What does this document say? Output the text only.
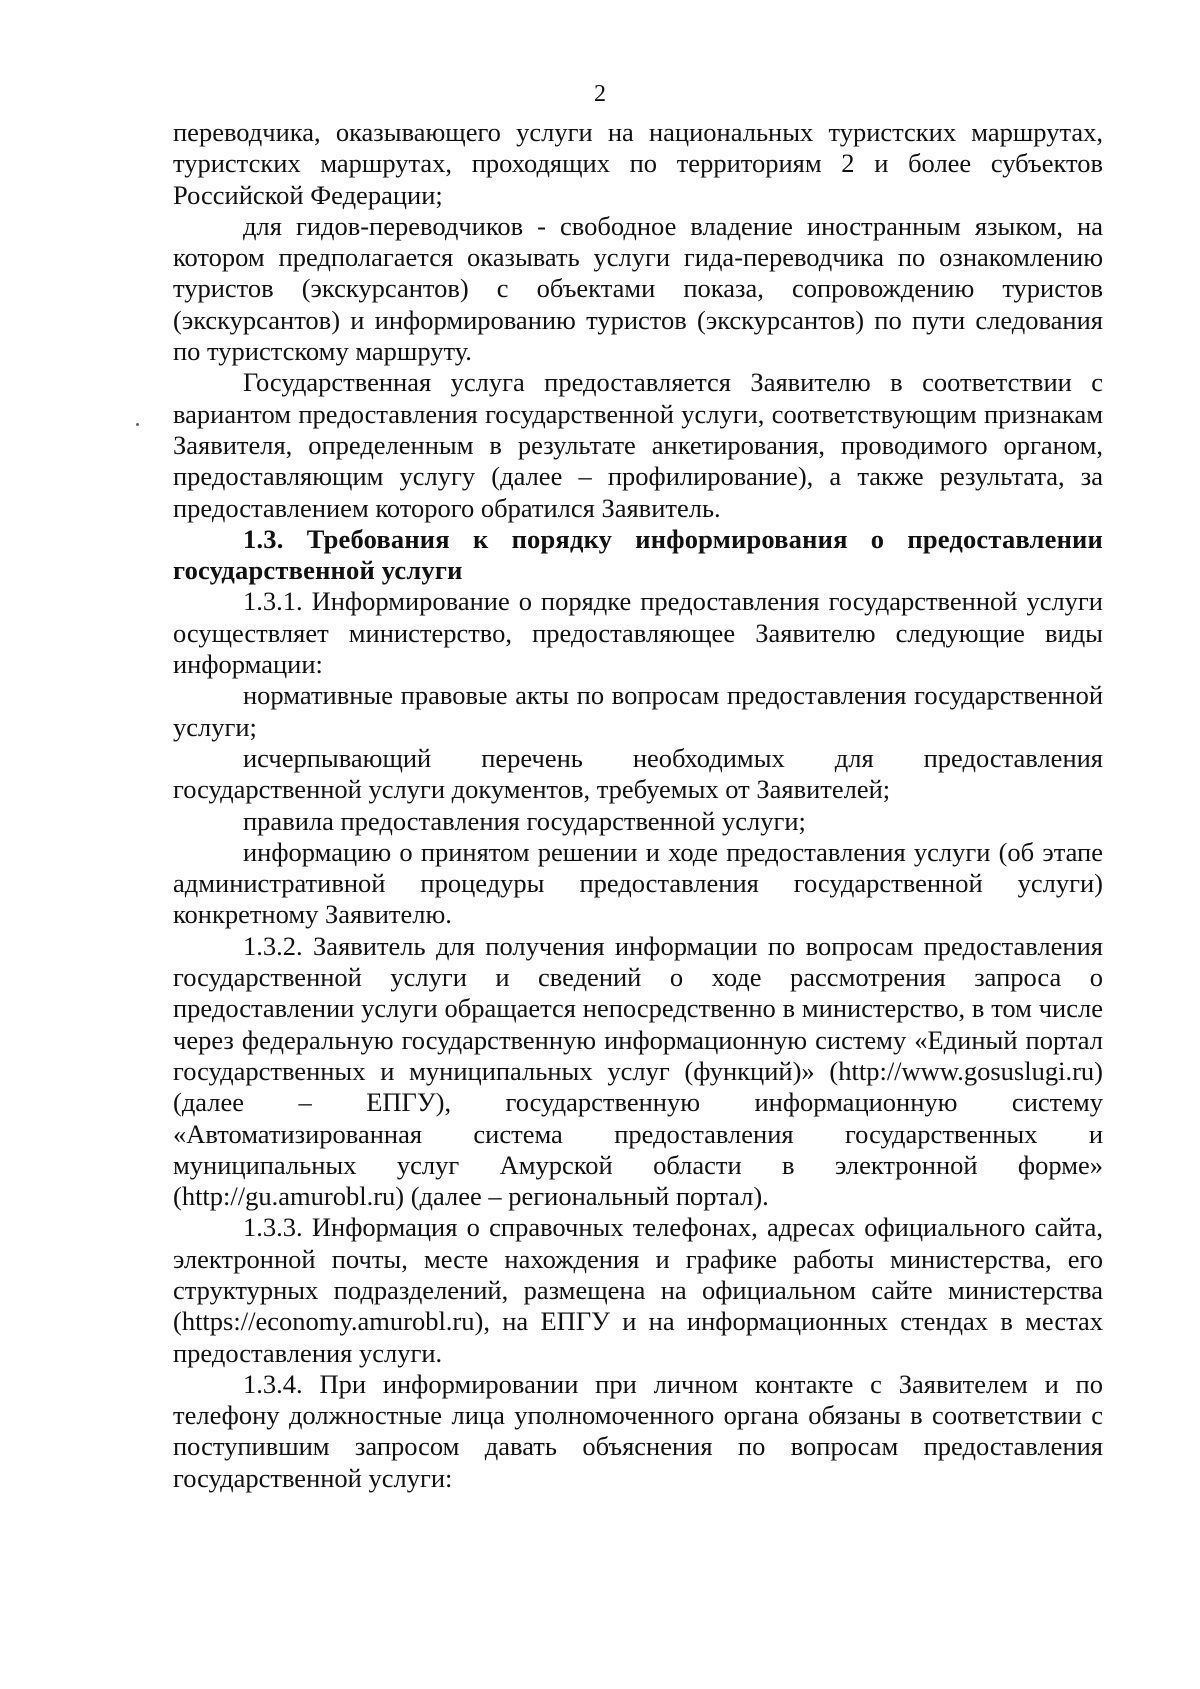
2

переводчика, оказывающего услуги на национальных туристских маршрутах, туристских маршрутах, проходящих по территориям 2 и более субъектов Российской Федерации;

для гидов-переводчиков - свободное владение иностранным языком, на котором предполагается оказывать услуги гида-переводчика по ознакомлению туристов (экскурсантов) с объектами показа, сопровождению туристов (экскурсантов) и информированию туристов (экскурсантов) по пути следования по туристскому маршруту.

Государственная услуга предоставляется Заявителю в соответствии с вариантом предоставления государственной услуги, соответствующим признакам Заявителя, определенным в результате анкетирования, проводимого органом, предоставляющим услугу (далее – профилирование), а также результата, за предоставлением которого обратился Заявитель.

1.3. Требования к порядку информирования о предоставлении государственной услуги

1.3.1. Информирование о порядке предоставления государственной услуги осуществляет министерство, предоставляющее Заявителю следующие виды информации:

нормативные правовые акты по вопросам предоставления государственной услуги;

исчерпывающий перечень необходимых для предоставления государственной услуги документов, требуемых от Заявителей;

правила предоставления государственной услуги;

информацию о принятом решении и ходе предоставления услуги (об этапе административной процедуры предоставления государственной услуги) конкретному Заявителю.

1.3.2. Заявитель для получения информации по вопросам предоставления государственной услуги и сведений о ходе рассмотрения запроса о предоставлении услуги обращается непосредственно в министерство, в том числе через федеральную государственную информационную систему «Единый портал государственных и муниципальных услуг (функций)» (http://www.gosuslugi.ru) (далее – ЕПГУ), государственную информационную систему «Автоматизированная система предоставления государственных и муниципальных услуг Амурской области в электронной форме» (http://gu.amurobl.ru) (далее – региональный портал).

1.3.3. Информация о справочных телефонах, адресах официального сайта, электронной почты, месте нахождения и графике работы министерства, его структурных подразделений, размещена на официальном сайте министерства (https://economy.amurobl.ru), на ЕПГУ и на информационных стендах в местах предоставления услуги.

1.3.4. При информировании при личном контакте с Заявителем и по телефону должностные лица уполномоченного органа обязаны в соответствии с поступившим запросом давать объяснения по вопросам предоставления государственной услуги:
